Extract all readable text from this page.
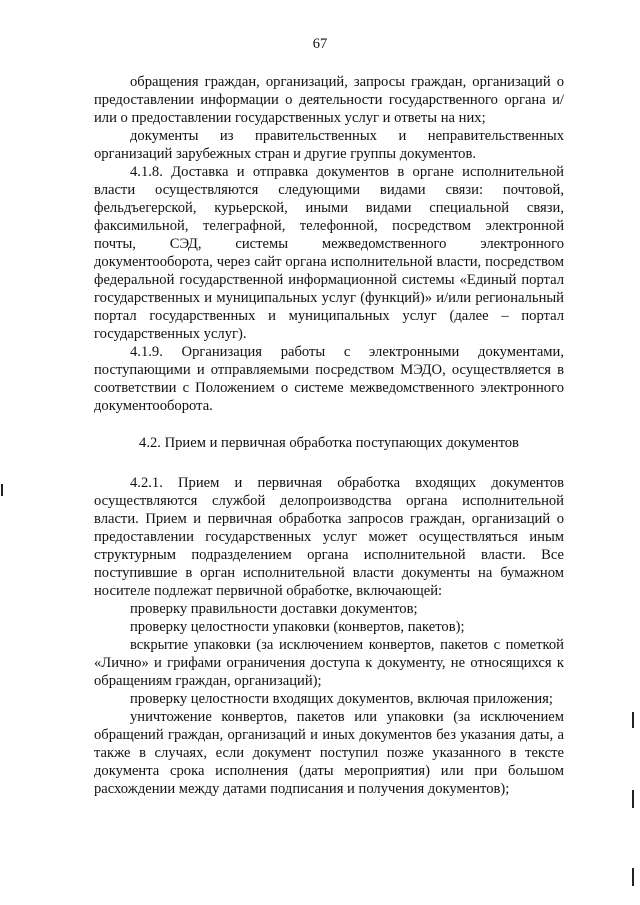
67

обращения граждан, организаций, запросы граждан, организаций о предоставлении информации о деятельности государственного органа и/или о предоставлении государственных услуг и ответы на них;

документы из правительственных и неправительственных организаций зарубежных стран и другие группы документов.

4.1.8. Доставка и отправка документов в органе исполнительной власти осуществляются следующими видами связи: почтовой, фельдъегерской, курьерской, иными видами специальной связи, факсимильной, телеграфной, телефонной, посредством электронной почты, СЭД, системы межведомственного электронного документооборота, через сайт органа исполнительной власти, посредством федеральной государственной информационной системы «Единый портал государственных и муниципальных услуг (функций)» и/или региональный портал государственных и муниципальных услуг (далее – портал государственных услуг).

4.1.9. Организация работы с электронными документами, поступающими и отправляемыми посредством МЭДО, осуществляется в соответствии с Положением о системе межведомственного электронного документооборота.

4.2. Прием и первичная обработка поступающих документов

4.2.1. Прием и первичная обработка входящих документов осуществляются службой делопроизводства органа исполнительной власти. Прием и первичная обработка запросов граждан, организаций о предоставлении государственных услуг может осуществляться иным структурным подразделением органа исполнительной власти. Все поступившие в орган исполнительной власти документы на бумажном носителе подлежат первичной обработке, включающей:

проверку правильности доставки документов;

проверку целостности упаковки (конвертов, пакетов);

вскрытие упаковки (за исключением конвертов, пакетов с пометкой «Лично» и грифами ограничения доступа к документу, не относящихся к обращениям граждан, организаций);

проверку целостности входящих документов, включая приложения;

уничтожение конвертов, пакетов или упаковки (за исключением обращений граждан, организаций и иных документов без указания даты, а также в случаях, если документ поступил позже указанного в тексте документа срока исполнения (даты мероприятия) или при большом расхождении между датами подписания и получения документов);
